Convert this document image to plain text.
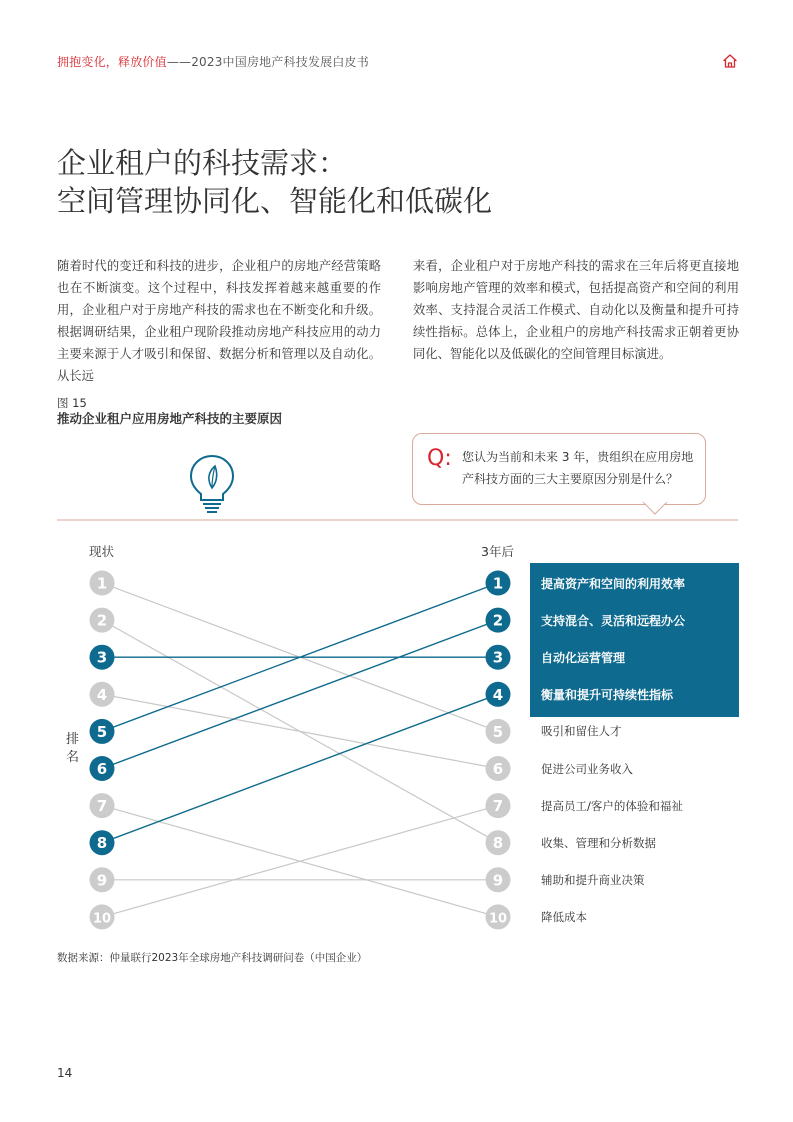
拥抱变化，释放价值——2023中国房地产科技发展白皮书
企业租户的科技需求：
空间管理协同化、智能化和低碳化

随着时代的变迁和科技的进步，企业租户的房地产经营策略也在不断演变。这个过程中，科技发挥着越来越重要的作用，企业租户对于房地产科技的需求也在不断变化和升级。根据调研结果，企业租户现阶段推动房地产科技应用的动力主要来源于人才吸引和保留、数据分析和管理以及自动化。从长远

来看，企业租户对于房地产科技的需求在三年后将更直接地影响房地产管理的效率和模式，包括提高资产和空间的利用效率、支持混合灵活工作模式、自动化以及衡量和提升可持续性指标。总体上，企业租户的房地产科技需求正朝着更协同化、智能化以及低碳化的空间管理目标演进。

图 15
推动企业租户应用房地产科技的主要原因
Q: 您认为当前和未来 3 年，贵组织在应用房地产科技方面的三大主要原因分别是什么？
1
2
3
4
5
6
7
8
9
10
1
2
3
4
5
6
7
8
9
10
现状	3年后
排名
提高资产和空间的利用效率
支持混合、灵活和远程办公
自动化运营管理
衡量和提升可持续性指标
吸引和留住人才
促进公司业务收入
提高员工/客户的体验和福祉
收集、管理和分析数据
辅助和提升商业决策
降低成本
数据来源：仲量联行2023年全球房地产科技调研问卷（中国企业）
14
